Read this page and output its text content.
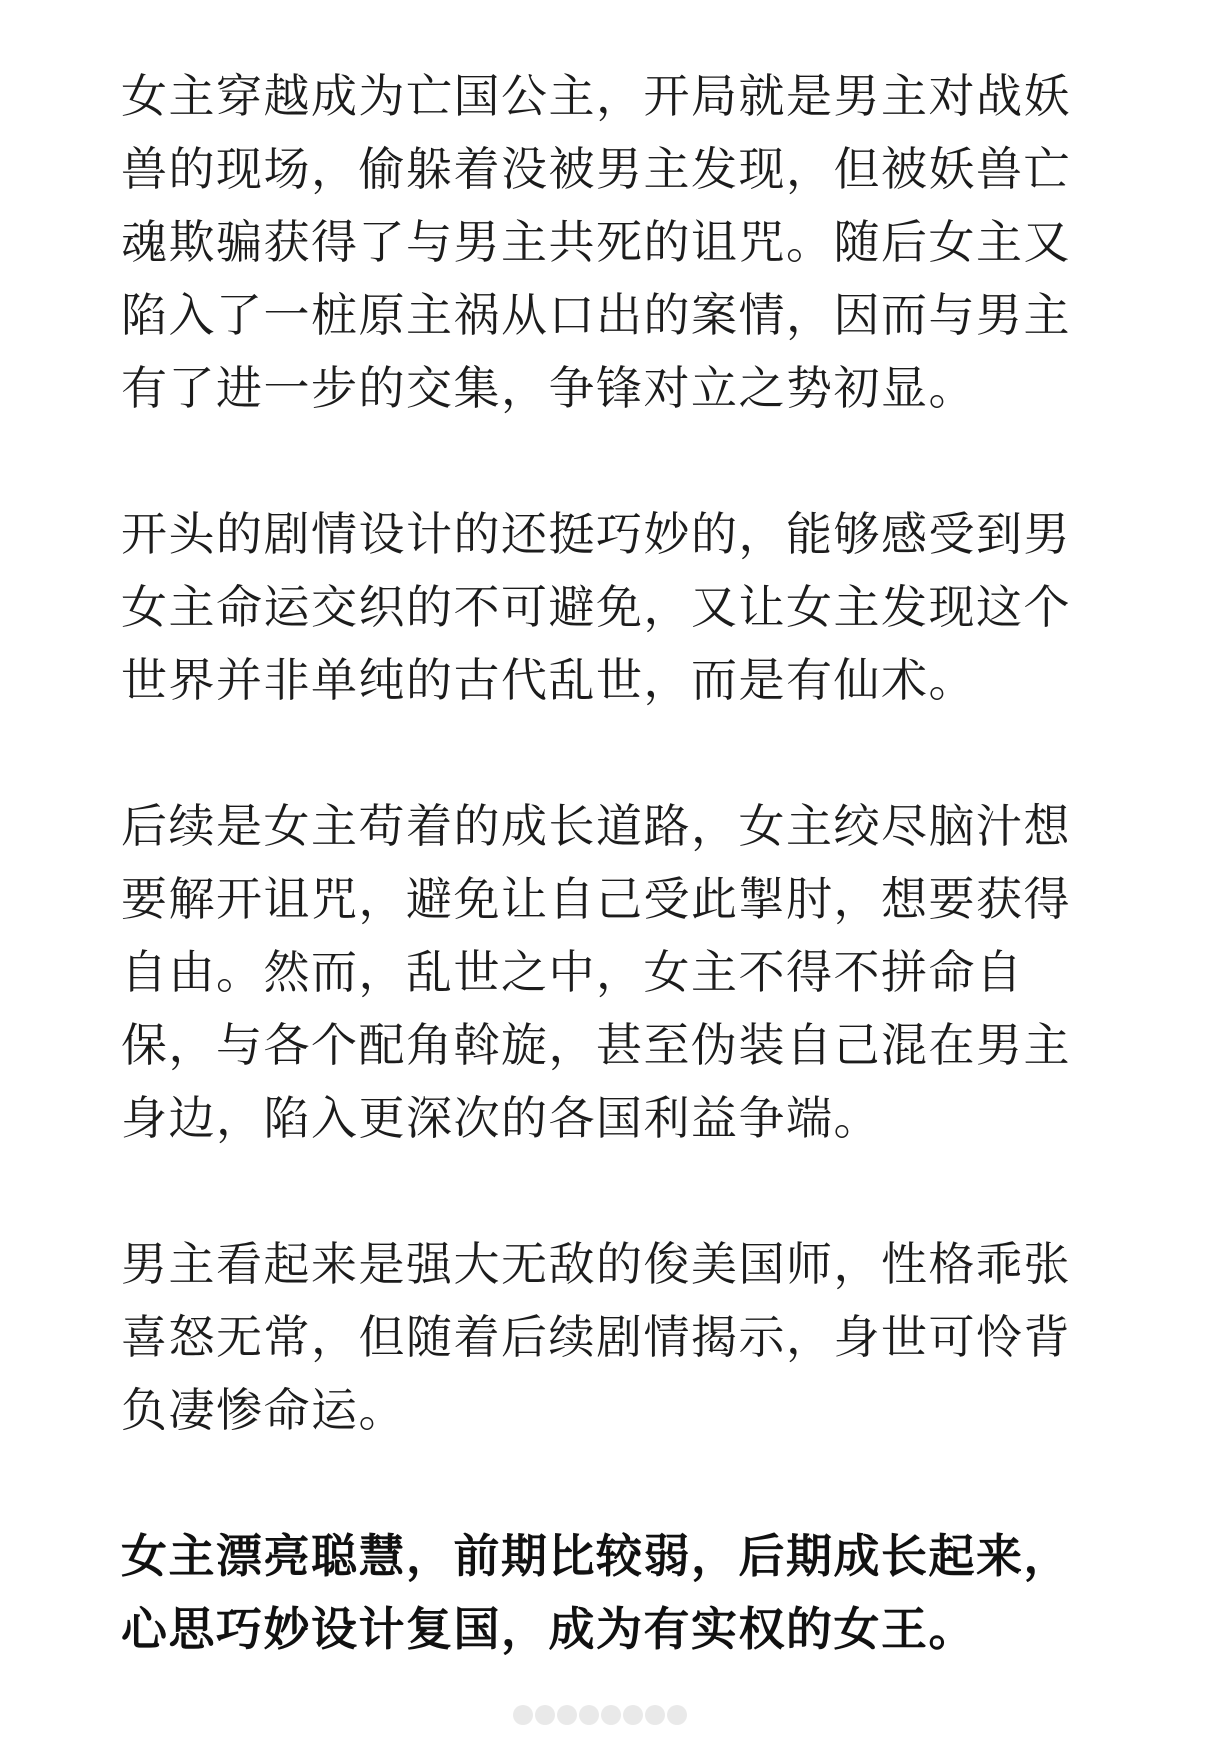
女主穿越成为亡国公主，开局就是男主对战妖
兽的现场，偷躲着没被男主发现，但被妖兽亡
魂欺骗获得了与男主共死的诅咒。随后女主又
陷入了一桩原主祸从口出的案情，因而与男主
有了进一步的交集，争锋对立之势初显。

开头的剧情设计的还挺巧妙的，能够感受到男
女主命运交织的不可避免，又让女主发现这个
世界并非单纯的古代乱世，而是有仙术。

后续是女主苟着的成长道路，女主绞尽脑汁想
要解开诅咒，避免让自己受此掣肘，想要获得
自由。然而，乱世之中，女主不得不拼命自
保，与各个配角斡旋，甚至伪装自己混在男主
身边，陷入更深次的各国利益争端。

男主看起来是强大无敌的俊美国师，性格乖张
喜怒无常，但随着后续剧情揭示，身世可怜背
负凄惨命运。

女主漂亮聪慧，前期比较弱，后期成长起来，
心思巧妙设计复国，成为有实权的女王。
